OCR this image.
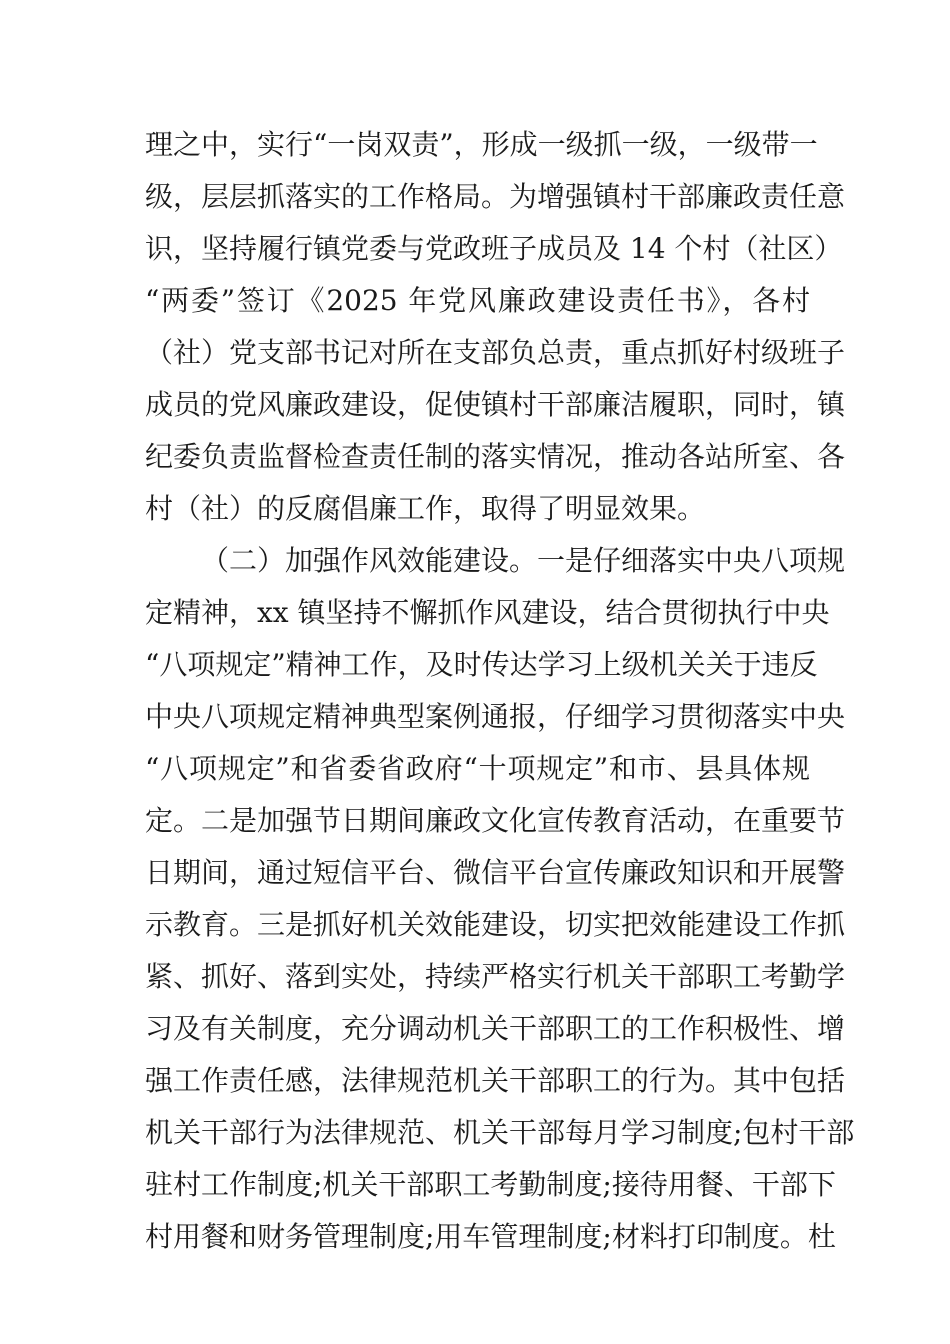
理之中，实行“一岗双责”，形成一级抓一级，一级带一
级，层层抓落实的工作格局。为增强镇村干部廉政责任意
识，坚持履行镇党委与党政班子成员及 14 个村（社区）
“两委”签订《2025 年党风廉政建设责任书》，各村
（社）党支部书记对所在支部负总责，重点抓好村级班子
成员的党风廉政建设，促使镇村干部廉洁履职，同时，镇
纪委负责监督检查责任制的落实情况，推动各站所室、各
村（社）的反腐倡廉工作，取得了明显效果。
（二）加强作风效能建设。一是仔细落实中央八项规
定精神，xx 镇坚持不懈抓作风建设，结合贯彻执行中央
“八项规定”精神工作，及时传达学习上级机关关于违反
中央八项规定精神典型案例通报，仔细学习贯彻落实中央
“八项规定”和省委省政府“十项规定”和市、县具体规
定。二是加强节日期间廉政文化宣传教育活动，在重要节
日期间，通过短信平台、微信平台宣传廉政知识和开展警
示教育。三是抓好机关效能建设，切实把效能建设工作抓
紧、抓好、落到实处，持续严格实行机关干部职工考勤学
习及有关制度，充分调动机关干部职工的工作积极性、增
强工作责任感，法律规范机关干部职工的行为。其中包括
机关干部行为法律规范、机关干部每月学习制度;包村干部
驻村工作制度;机关干部职工考勤制度;接待用餐、干部下
村用餐和财务管理制度;用车管理制度;材料打印制度。杜
